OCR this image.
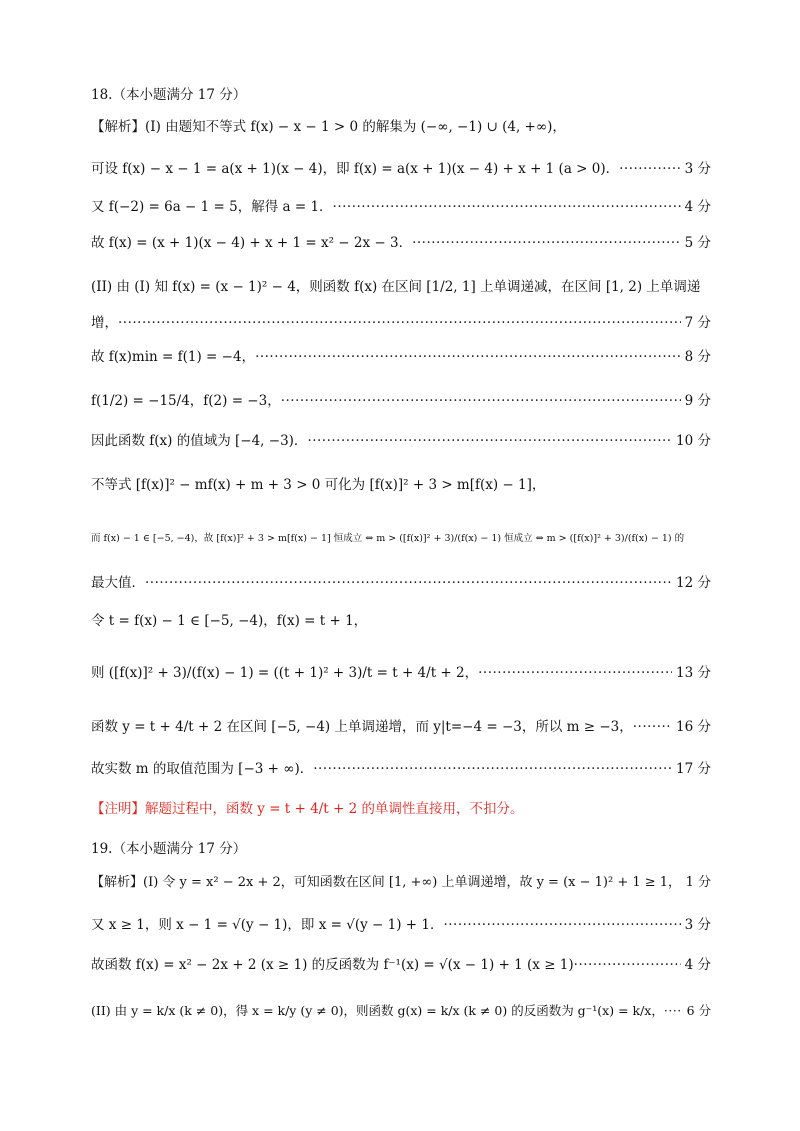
18.（本小题满分 17 分）
【解析】(I) 由题知不等式 f(x) − x − 1 > 0 的解集为 (−∞, −1) ∪ (4, +∞)，
可设 f(x) − x − 1 = a(x + 1)(x − 4)，即 f(x) = a(x + 1)(x − 4) + x + 1 (a > 0)． ·····	3 分
又 f(−2) = 6a − 1 = 5，解得 a = 1． ·····	4 分
故 f(x) = (x + 1)(x − 4) + x + 1 = x² − 2x − 3． ·····	5 分
(II) 由 (I) 知 f(x) = (x − 1)² − 4，则函数 f(x) 在区间 [1/2, 1] 上单调递减，在区间 [1, 2) 上单调递
增， ·····	7 分
故 f(x)min = f(1) = −4， ·····	8 分
f(1/2) = −15/4，f(2) = −3， ·····	9 分
因此函数 f(x) 的值域为 [−4, −3)． ·····	10 分
不等式 [f(x)]² − mf(x) + m + 3 > 0 可化为 [f(x)]² + 3 > m[f(x) − 1]，
而 f(x) − 1 ∈ [−5, −4)，故 [f(x)]² + 3 > m[f(x) − 1] 恒成立 ⇔ m > ([f(x)]² + 3)/(f(x) − 1) 恒成立 ⇔ m > ([f(x)]² + 3)/(f(x) − 1) 的
最大值． ·····	12 分
令 t = f(x) − 1 ∈ [−5, −4)，f(x) = t + 1，
则 ([f(x)]² + 3)/(f(x) − 1) = ((t + 1)² + 3)/t = t + 4/t + 2， ·····	13 分
函数 y = t + 4/t + 2 在区间 [−5, −4) 上单调递增，而 y|t=−4 = −3，所以 m ≥ −3， ·····	16 分
故实数 m 的取值范围为 [−3 + ∞)． ·····	17 分
【注明】解题过程中，函数 y = t + 4/t + 2 的单调性直接用，不扣分。
19.（本小题满分 17 分）
【解析】(I) 令 y = x² − 2x + 2，可知函数在区间 [1, +∞) 上单调递增，故 y = (x − 1)² + 1 ≥ 1， ····· 1 分
又 x ≥ 1，则 x − 1 = √(y − 1)，即 x = √(y − 1) + 1． ·····	3 分
故函数 f(x) = x² − 2x + 2 (x ≥ 1) 的反函数为 f⁻¹(x) = √(x − 1) + 1 (x ≥ 1) ·····	4 分
(II) 由 y = k/x (k ≠ 0)，得 x = k/y (y ≠ 0)，则函数 g(x) = k/x (k ≠ 0) 的反函数为 g⁻¹(x) = k/x， ····· 6 分
